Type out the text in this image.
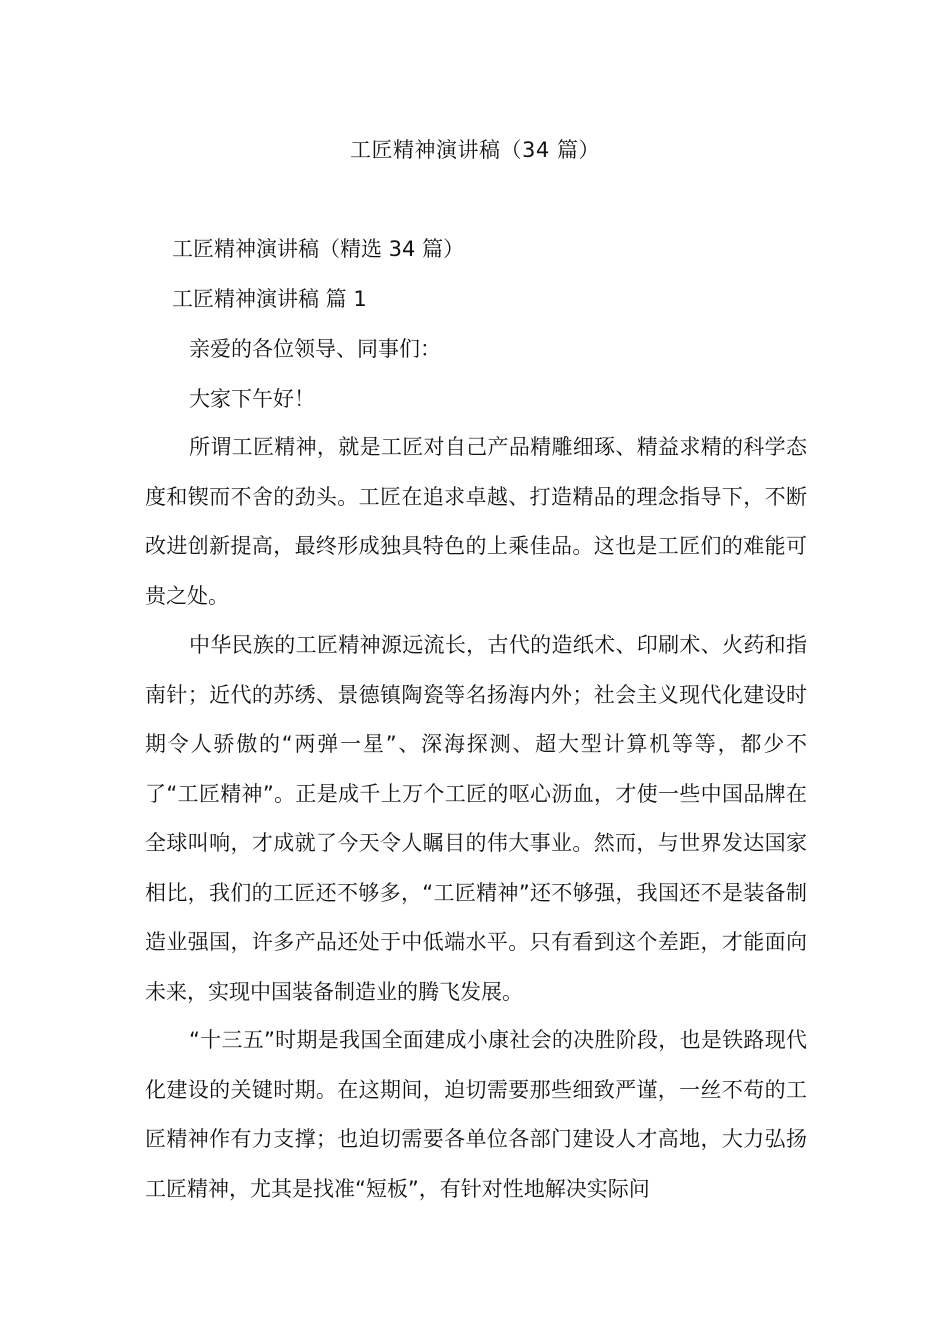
工匠精神演讲稿（34 篇）
工匠精神演讲稿（精选 34 篇）
工匠精神演讲稿 篇 1
亲爱的各位领导、同事们：
大家下午好！

所谓工匠精神，就是工匠对自己产品精雕细琢、精益求精的科学态度和锲而不舍的劲头。工匠在追求卓越、打造精品的理念指导下，不断改进创新提高，最终形成独具特色的上乘佳品。这也是工匠们的难能可贵之处。

中华民族的工匠精神源远流长，古代的造纸术、印刷术、火药和指南针；近代的苏绣、景德镇陶瓷等名扬海内外；社会主义现代化建设时期令人骄傲的“两弹一星”、深海探测、超大型计算机等等，都少不了“工匠精神”。正是成千上万个工匠的呕心沥血，才使一些中国品牌在全球叫响，才成就了今天令人瞩目的伟大事业。然而，与世界发达国家相比，我们的工匠还不够多，“工匠精神”还不够强，我国还不是装备制造业强国，许多产品还处于中低端水平。只有看到这个差距，才能面向未来，实现中国装备制造业的腾飞发展。

“十三五”时期是我国全面建成小康社会的决胜阶段，也是铁路现代化建设的关键时期。在这期间，迫切需要那些细致严谨，一丝不苟的工匠精神作有力支撑；也迫切需要各单位各部门建设人才高地，大力弘扬工匠精神，尤其是找准“短板”，有针对性地解决实际问
